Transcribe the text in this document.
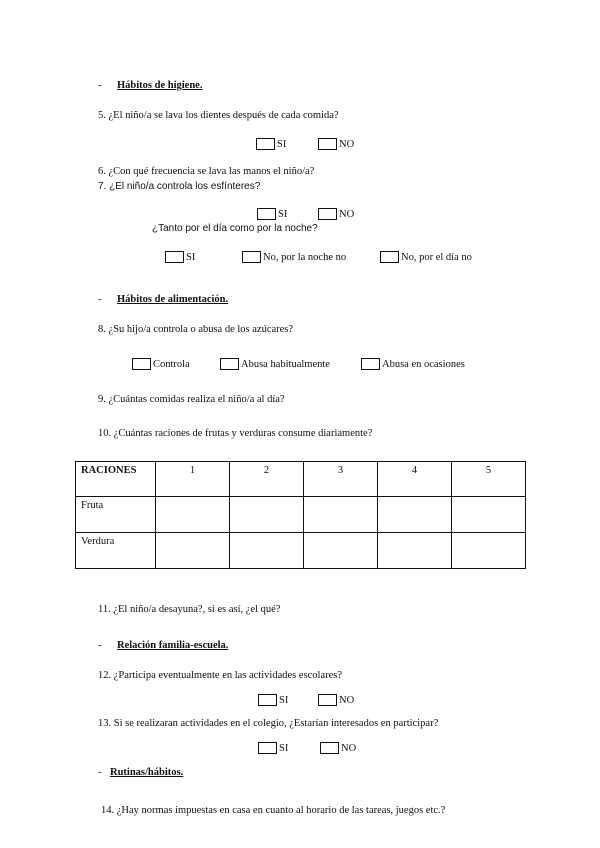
- Hábitos de higiene.
5. ¿El niño/a se lava los dientes después de cada comida?
SI	NO
6. ¿Con qué frecuencia se lava las manos el niño/a?
7. ¿El niño/a controla los esfínteres?
SI	NO
¿Tanto por el día como por la noche?
SI	No, por la noche no	No, por el día no
- Hábitos de alimentación.
8. ¿Su hijo/a controla o abusa de los azúcares?
Controla	Abusa habitualmente	Abusa en ocasiones
9. ¿Cuántas comidas realiza el niño/a al día?
10. ¿Cuántas raciones de frutas y verduras consume diariamente?
RACIONES	1	2	3	4	5
Fruta					
Verdura					
11. ¿El niño/a desayuna?, si es así, ¿el qué?
- Relación familia-escuela.
12. ¿Participa eventualmente en las actividades escolares?
SI	NO
13. Si se realizaran actividades en el colegio, ¿Estarían interesados en participar?
SI	NO
- Rutinas/hábitos.
14. ¿Hay normas impuestas en casa en cuanto al horario de las tareas, juegos etc.?
